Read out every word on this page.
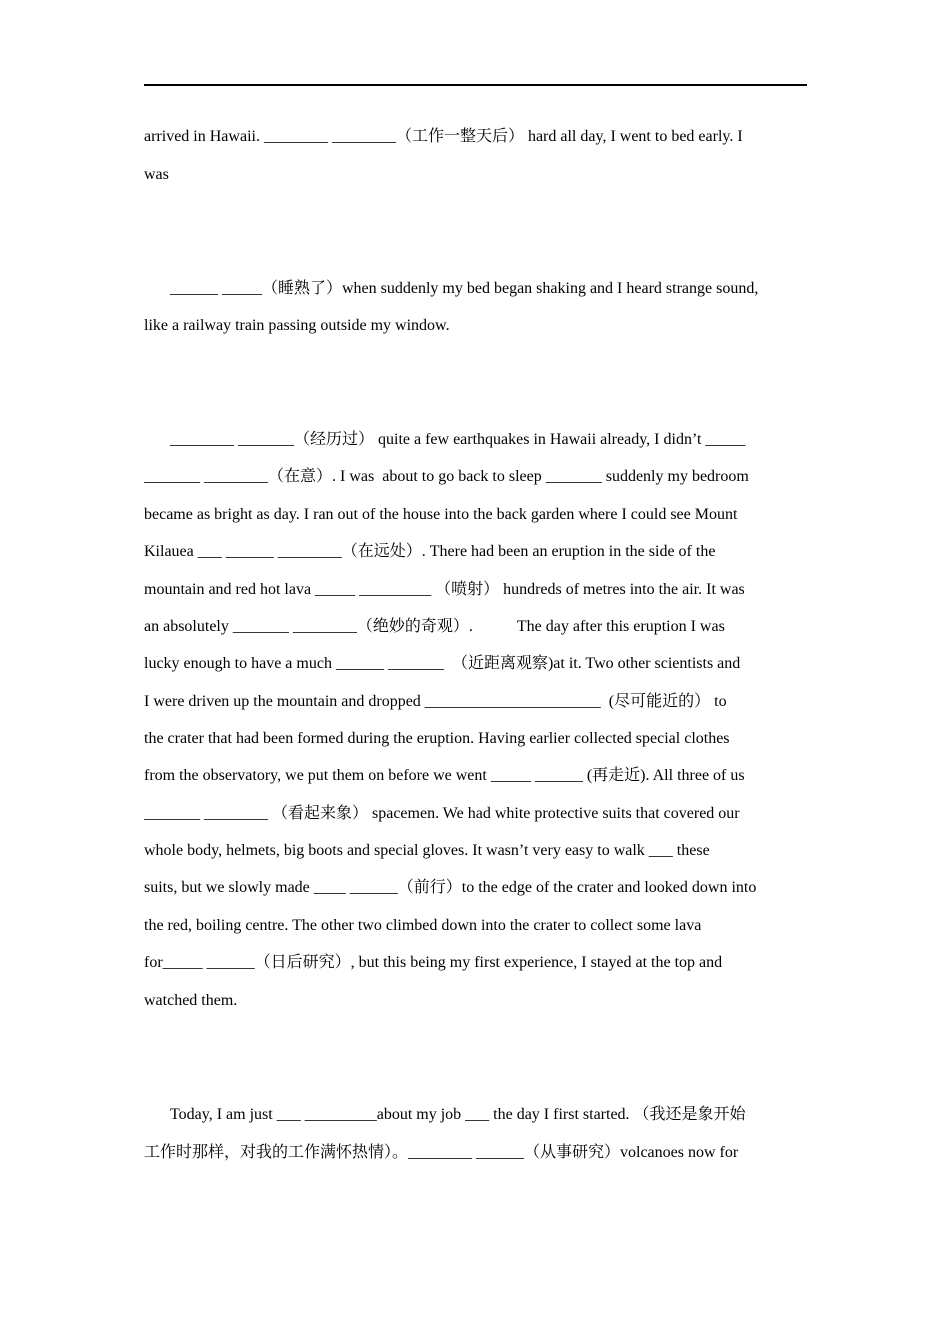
arrived in Hawaii. ________ ________（工作一整天后） hard all day, I went to bed early. I

was

______ _____（睡熟了）when suddenly my bed began shaking and I heard strange sound,

like a railway train passing outside my window.

________ _______（经历过） quite a few earthquakes in Hawaii already, I didn’t _____

_______ ________（在意）. I was  about to go back to sleep _______ suddenly my bedroom

became as bright as day. I ran out of the house into the back garden where I could see Mount

Kilauea ___ ______ ________（在远处）. There had been an eruption in the side of the

mountain and red hot lava _____ _________ （喷射） hundreds of metres into the air. It was

an absolutely _______ ________（绝妙的奇观）.           The day after this eruption I was

lucky enough to have a much ______ _______  （近距离观察)at it. Two other scientists and

I were driven up the mountain and dropped ______________________  (尽可能近的） to

the crater that had been formed during the eruption. Having earlier collected special clothes

from the observatory, we put them on before we went _____ ______ (再走近). All three of us

_______ ________ （看起来象） spacemen. We had white protective suits that covered our

whole body, helmets, big boots and special gloves. It wasn’t very easy to walk ___ these

suits, but we slowly made ____ ______（前行）to the edge of the crater and looked down into

the red, boiling centre. The other two climbed down into the crater to collect some lava

for_____ ______（日后研究）, but this being my first experience, I stayed at the top and

watched them.

Today, I am just ___ _________about my job ___ the day I first started. （我还是象开始

工作时那样，对我的工作满怀热情）。________ ______（从事研究）volcanoes now for
